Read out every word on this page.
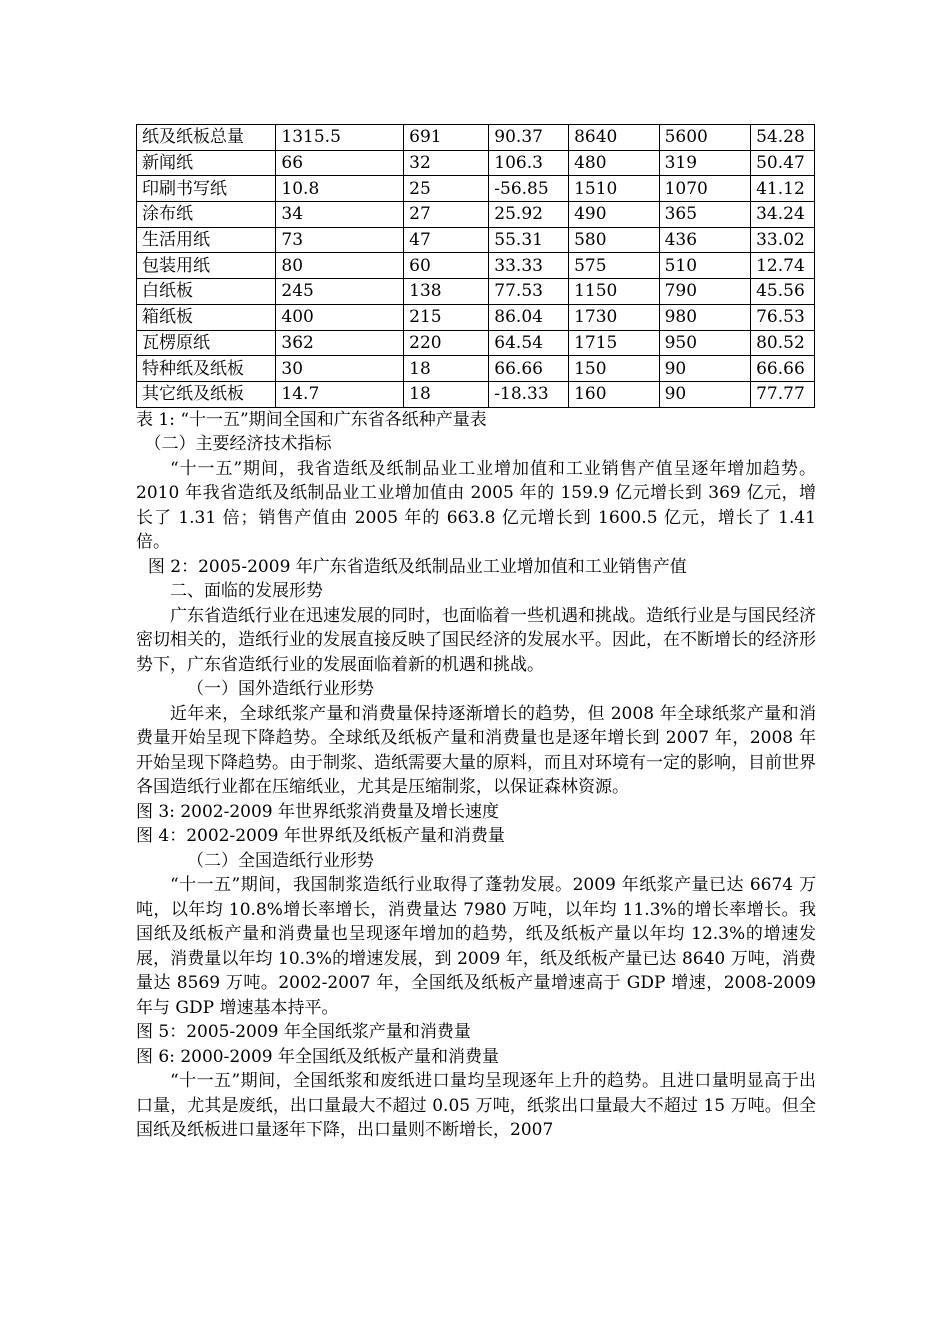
纸及纸板总量	1315.5	691	90.37	8640	5600	54.28
新闻纸	66	32	106.3	480	319	50.47
印刷书写纸	10.8	25	-56.85	1510	1070	41.12
涂布纸	34	27	25.92	490	365	34.24
生活用纸	73	47	55.31	580	436	33.02
包装用纸	80	60	33.33	575	510	12.74
白纸板	245	138	77.53	1150	790	45.56
箱纸板	400	215	86.04	1730	980	76.53
瓦楞原纸	362	220	64.54	1715	950	80.52
特种纸及纸板	30	18	66.66	150	90	66.66
其它纸及纸板	14.7	18	-18.33	160	90	77.77

表 1: “十一五”期间全国和广东省各纸种产量表

（二）主要经济技术指标

“十一五”期间，我省造纸及纸制品业工业增加值和工业销售产值呈逐年增加趋势。2010 年我省造纸及纸制品业工业增加值由 2005 年的 159.9 亿元增长到 369 亿元，增长了 1.31 倍；销售产值由 2005 年的 663.8 亿元增长到 1600.5 亿元，增长了 1.41 倍。

图 2：2005-2009 年广东省造纸及纸制品业工业增加值和工业销售产值

二、面临的发展形势

广东省造纸行业在迅速发展的同时，也面临着一些机遇和挑战。造纸行业是与国民经济密切相关的，造纸行业的发展直接反映了国民经济的发展水平。因此，在不断增长的经济形势下，广东省造纸行业的发展面临着新的机遇和挑战。

（一）国外造纸行业形势

近年来，全球纸浆产量和消费量保持逐渐增长的趋势，但 2008 年全球纸浆产量和消费量开始呈现下降趋势。全球纸及纸板产量和消费量也是逐年增长到 2007 年，2008 年开始呈现下降趋势。由于制浆、造纸需要大量的原料，而且对环境有一定的影响，目前世界各国造纸行业都在压缩纸业，尤其是压缩制浆，以保证森林资源。

图 3: 2002-2009 年世界纸浆消费量及增长速度

图 4：2002-2009 年世界纸及纸板产量和消费量

（二）全国造纸行业形势

“十一五”期间，我国制浆造纸行业取得了蓬勃发展。2009 年纸浆产量已达 6674 万吨，以年均 10.8%增长率增长，消费量达 7980 万吨，以年均 11.3%的增长率增长。我国纸及纸板产量和消费量也呈现逐年增加的趋势，纸及纸板产量以年均 12.3%的增速发展，消费量以年均 10.3%的增速发展，到 2009 年，纸及纸板产量已达 8640 万吨，消费量达 8569 万吨。2002-2007 年，全国纸及纸板产量增速高于 GDP 增速，2008-2009 年与 GDP 增速基本持平。

图 5：2005-2009 年全国纸浆产量和消费量

图 6: 2000-2009 年全国纸及纸板产量和消费量

“十一五”期间，全国纸浆和废纸进口量均呈现逐年上升的趋势。且进口量明显高于出口量，尤其是废纸，出口量最大不超过 0.05 万吨，纸浆出口量最大不超过 15 万吨。但全国纸及纸板进口量逐年下降，出口量则不断增长，2007
